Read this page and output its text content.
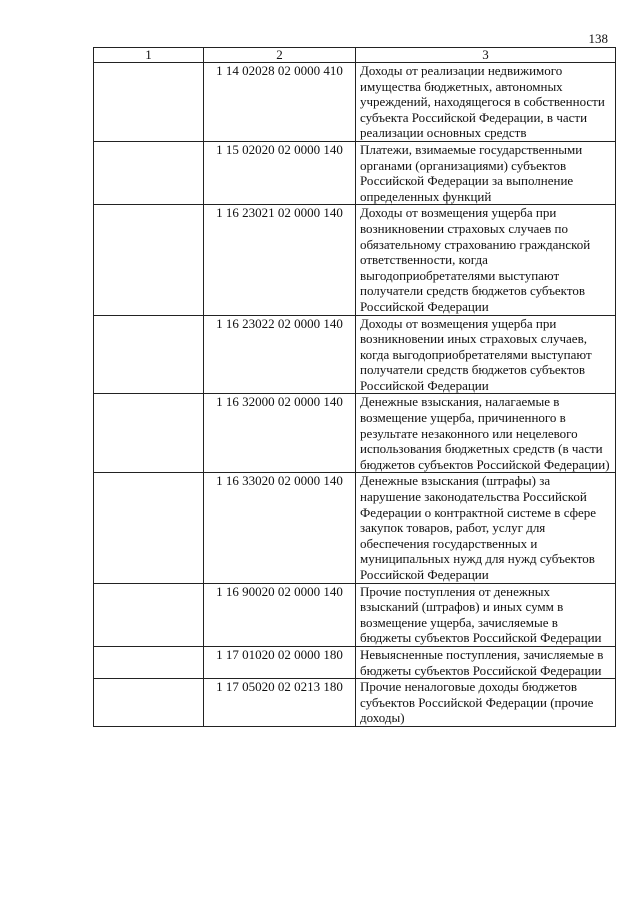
138
1	2	3
	1 14 02028 02 0000 410	Доходы от реализации недвижимого имущества бюджетных, автономных учреждений, находящегося в собственности субъекта Российской Федерации, в части реализации основных средств
	1 15 02020 02 0000 140	Платежи, взимаемые государственными органами (организациями) субъектов Российской Федерации за выполнение определенных функций
	1 16 23021 02 0000 140	Доходы от возмещения ущерба при возникновении страховых случаев по обязательному страхованию гражданской ответственности, когда выгодоприобретателями выступают получатели средств бюджетов субъектов Российской Федерации
	1 16 23022 02 0000 140	Доходы от возмещения ущерба при возникновении иных страховых случаев, когда выгодоприобретателями выступают получатели средств бюджетов субъектов Российской Федерации
	1 16 32000 02 0000 140	Денежные взыскания, налагаемые в возмещение ущерба, причиненного в результате незаконного или нецелевого использования бюджетных средств (в части бюджетов субъектов Российской Федерации)
	1 16 33020 02 0000 140	Денежные взыскания (штрафы) за нарушение законодательства Российской Федерации о контрактной системе в сфере закупок товаров, работ, услуг для обеспечения государственных и муниципальных нужд для нужд субъектов Российской Федерации
	1 16 90020 02 0000 140	Прочие поступления от денежных взысканий (штрафов) и иных сумм в возмещение ущерба, зачисляемые в бюджеты субъектов Российской Федерации
	1 17 01020 02 0000 180	Невыясненные поступления, зачисляемые в бюджеты субъектов Российской Федерации
	1 17 05020 02 0213 180	Прочие неналоговые доходы бюджетов субъектов Российской Федерации (прочие доходы)
